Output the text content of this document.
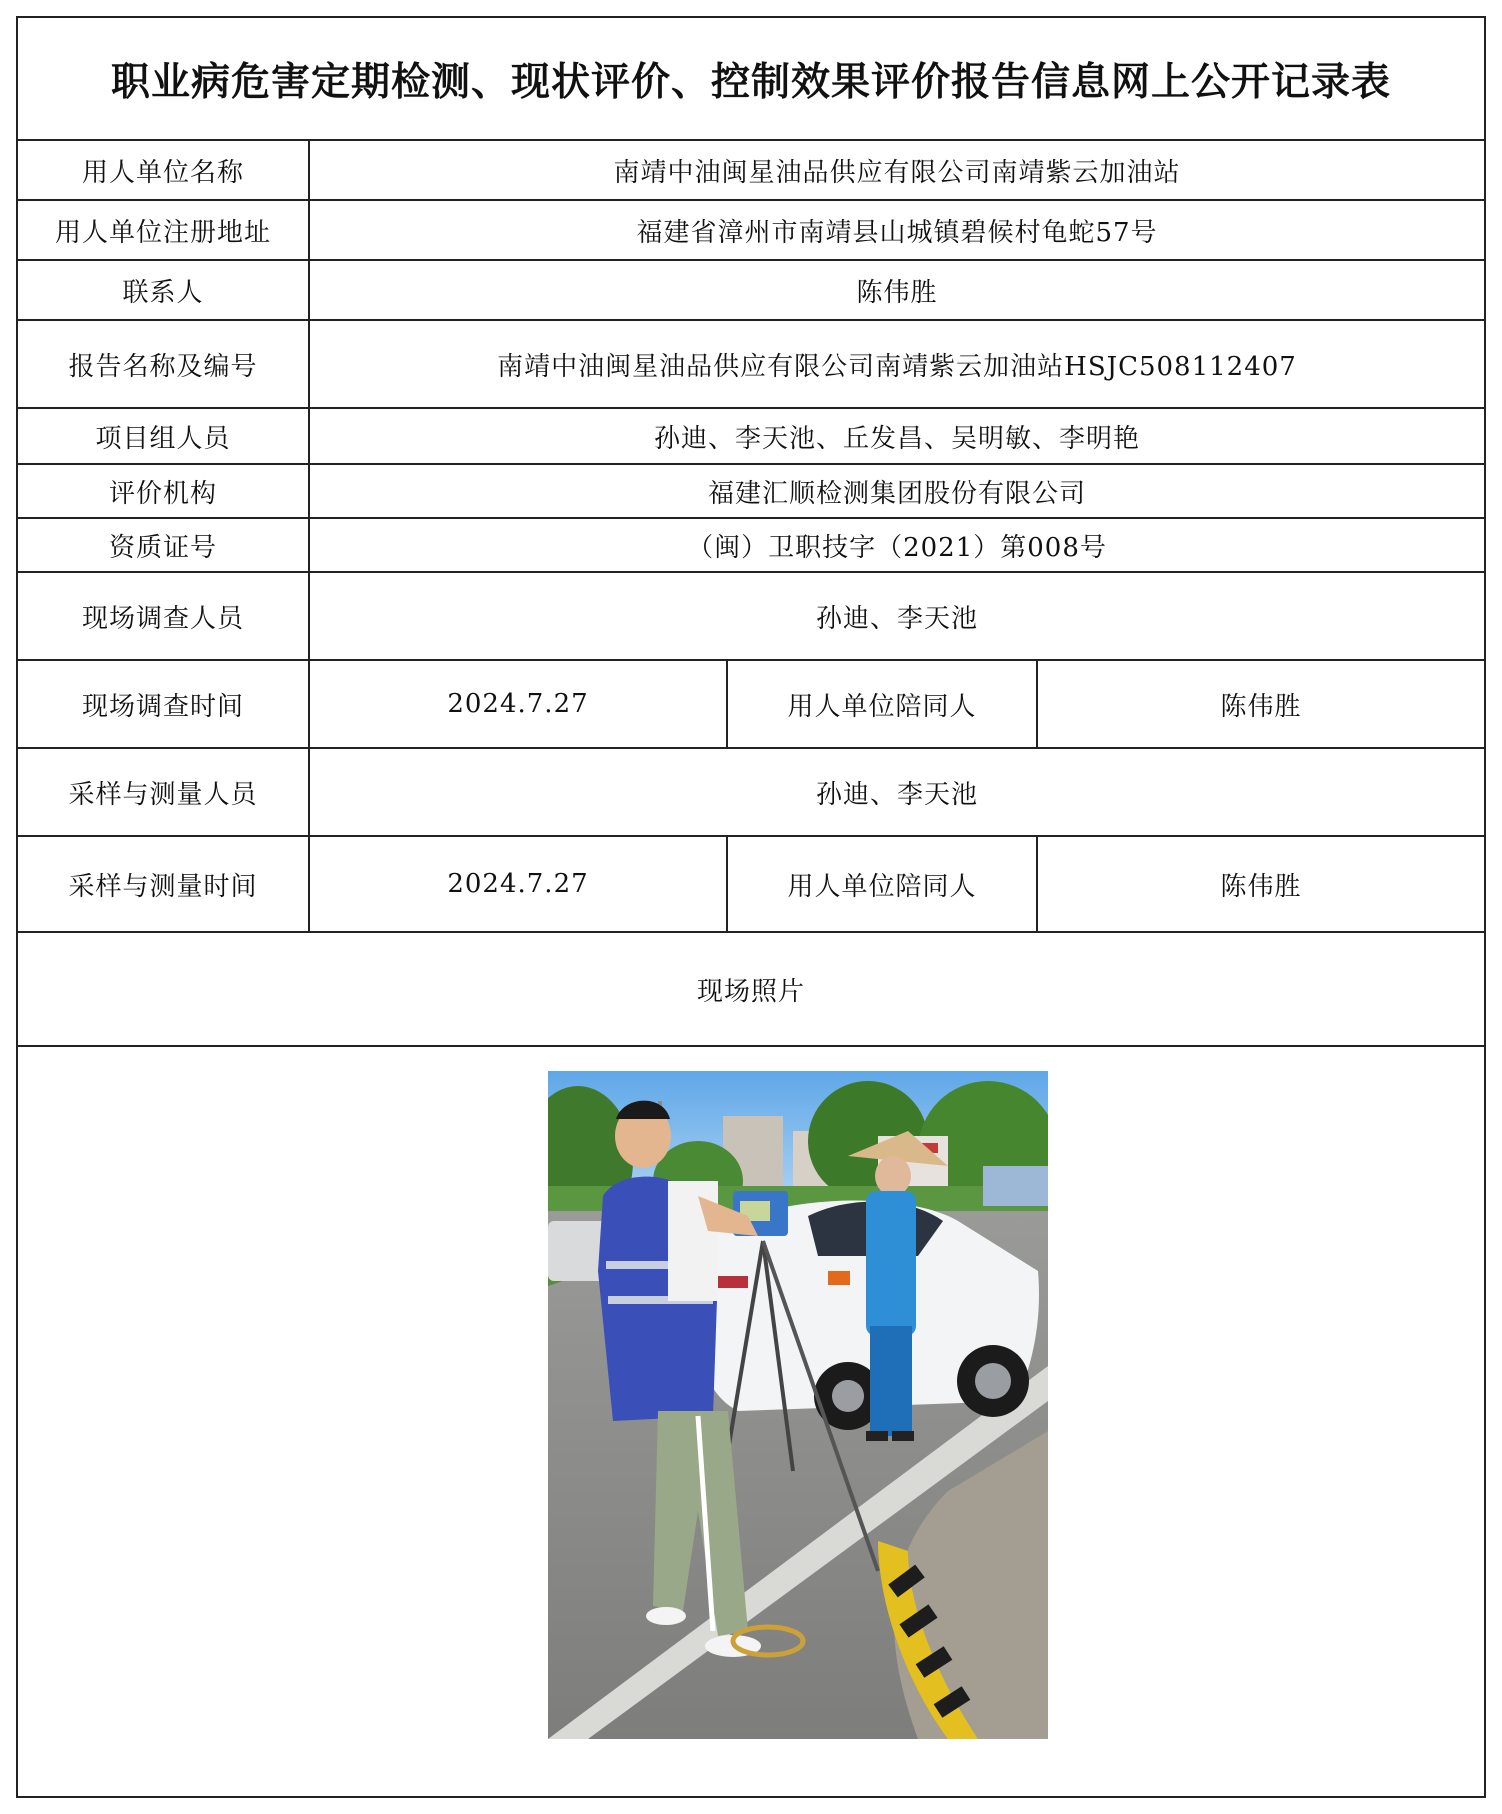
职业病危害定期检测、现状评价、控制效果评价报告信息网上公开记录表
用人单位名称	南靖中油闽星油品供应有限公司南靖紫云加油站
用人单位注册地址	福建省漳州市南靖县山城镇碧候村龟蛇57号
联系人	陈伟胜
报告名称及编号	南靖中油闽星油品供应有限公司南靖紫云加油站HSJC508112407
项目组人员	孙迪、李天池、丘发昌、吴明敏、李明艳
评价机构	福建汇顺检测集团股份有限公司
资质证号	（闽）卫职技字（2021）第008号
现场调查人员	孙迪、李天池
现场调查时间	2024.7.27	用人单位陪同人	陈伟胜
采样与测量人员	孙迪、李天池
采样与测量时间	2024.7.27	用人单位陪同人	陈伟胜
现场照片
